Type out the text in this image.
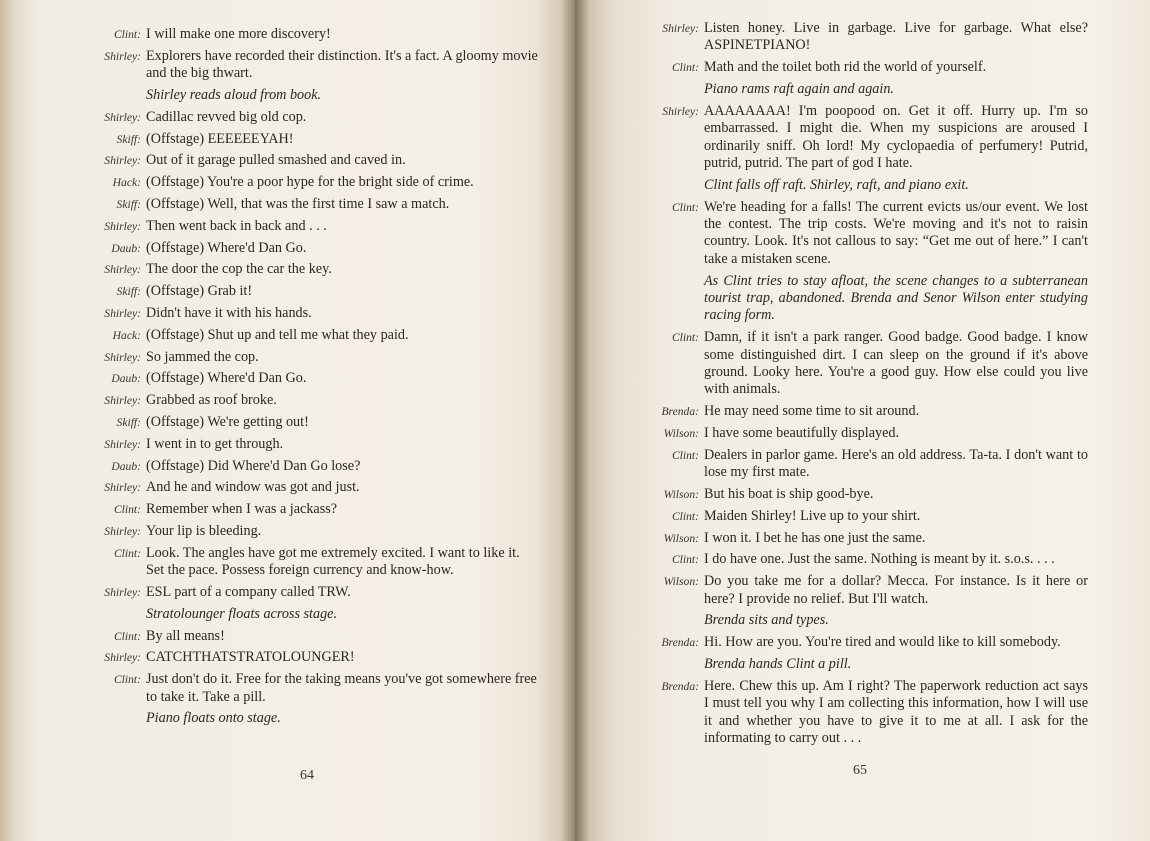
Clint: I will make one more discovery!
Shirley: Explorers have recorded their distinction. It's a fact. A gloomy movie and the big thwart.
Shirley reads aloud from book.
Shirley: Cadillac revved big old cop.
Skiff: (Offstage) EEEEEEYAH!
Shirley: Out of it garage pulled smashed and caved in.
Hack: (Offstage) You're a poor hype for the bright side of crime.
Skiff: (Offstage) Well, that was the first time I saw a match.
Shirley: Then went back in back and . . .
Daub: (Offstage) Where'd Dan Go.
Shirley: The door the cop the car the key.
Skiff: (Offstage) Grab it!
Shirley: Didn't have it with his hands.
Hack: (Offstage) Shut up and tell me what they paid.
Shirley: So jammed the cop.
Daub: (Offstage) Where'd Dan Go.
Shirley: Grabbed as roof broke.
Skiff: (Offstage) We're getting out!
Shirley: I went in to get through.
Daub: (Offstage) Did Where'd Dan Go lose?
Shirley: And he and window was got and just.
Clint: Remember when I was a jackass?
Shirley: Your lip is bleeding.
Clint: Look. The angles have got me extremely excited. I want to like it. Set the pace. Possess foreign currency and know-how.
Shirley: ESL part of a company called TRW.
Stratolounger floats across stage.
Clint: By all means!
Shirley: CATCHTHATSTRATOLOUNGER!
Clint: Just don't do it. Free for the taking means you've got somewhere free to take it. Take a pill.
Piano floats onto stage.
64
Shirley: Listen honey. Live in garbage. Live for garbage. What else? ASPINETPIANO!
Clint: Math and the toilet both rid the world of yourself.
Piano rams raft again and again.
Shirley: AAAAAAAA! I'm poopood on. Get it off. Hurry up. I'm so embarrassed. I might die. When my suspicions are aroused I ordinarily sniff. Oh lord! My cyclopaedia of perfumery! Putrid, putrid, putrid. The part of god I hate.
Clint falls off raft. Shirley, raft, and piano exit.
Clint: We're heading for a falls! The current evicts us/our event. We lost the contest. The trip costs. We're moving and it's not to raisin country. Look. It's not callous to say: “Get me out of here.” I can't take a mistaken scene.
As Clint tries to stay afloat, the scene changes to a subterranean tourist trap, abandoned. Brenda and Senor Wilson enter studying racing form.
Clint: Damn, if it isn't a park ranger. Good badge. Good badge. I know some distinguished dirt. I can sleep on the ground if it's above ground. Looky here. You're a good guy. How else could you live with animals.
Brenda: He may need some time to sit around.
Wilson: I have some beautifully displayed.
Clint: Dealers in parlor game. Here's an old address. Ta-ta. I don't want to lose my first mate.
Wilson: But his boat is ship good-bye.
Clint: Maiden Shirley! Live up to your shirt.
Wilson: I won it. I bet he has one just the same.
Clint: I do have one. Just the same. Nothing is meant by it. s.o.s. . . .
Wilson: Do you take me for a dollar? Mecca. For instance. Is it here or here? I provide no relief. But I'll watch.
Brenda sits and types.
Brenda: Hi. How are you. You're tired and would like to kill somebody.
Brenda hands Clint a pill.
Brenda: Here. Chew this up. Am I right? The paperwork reduction act says I must tell you why I am collecting this information, how I will use it and whether you have to give it to me at all. I ask for the informating to carry out . . .
65
